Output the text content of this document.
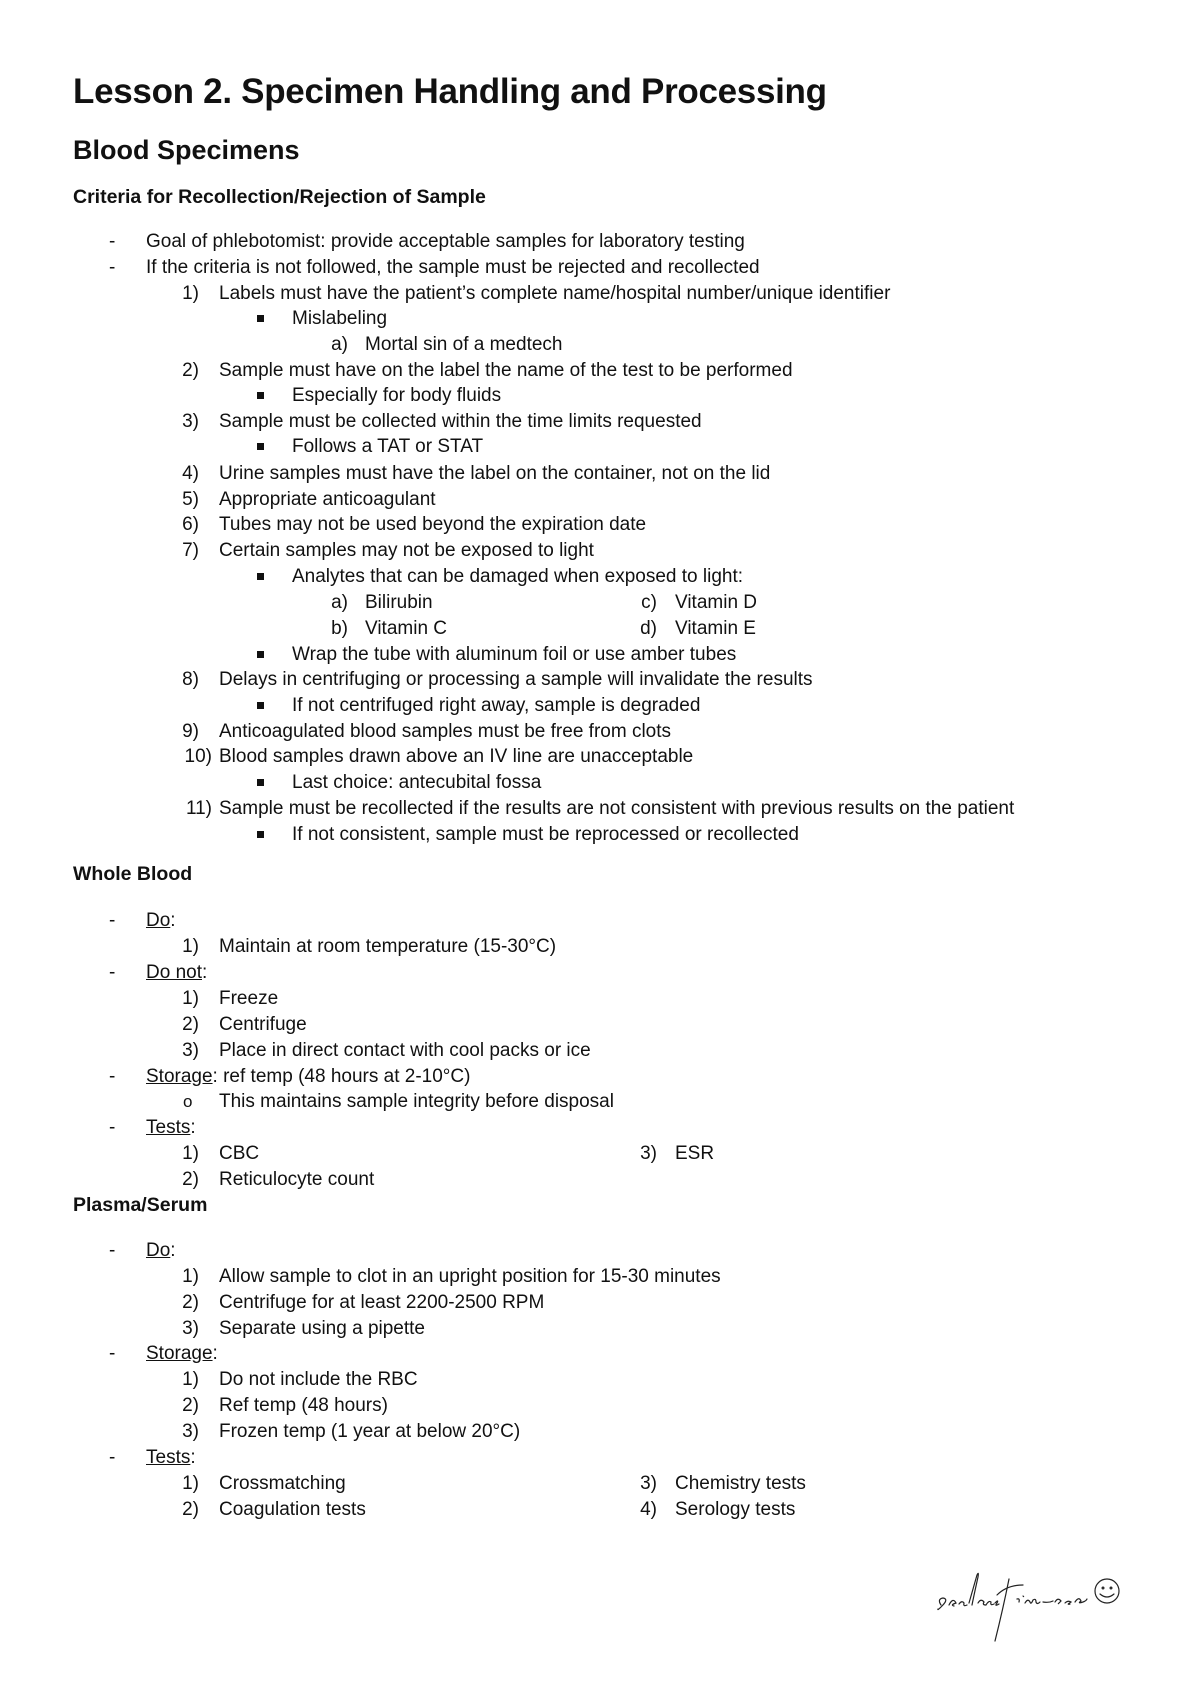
Lesson 2. Specimen Handling and Processing
Blood Specimens
Criteria for Recollection/Rejection of Sample
- Goal of phlebotomist: provide acceptable samples for laboratory testing
- If the criteria is not followed, the sample must be rejected and recollected
1) Labels must have the patient’s complete name/hospital number/unique identifier
Mislabeling
a) Mortal sin of a medtech
2) Sample must have on the label the name of the test to be performed
Especially for body fluids
3) Sample must be collected within the time limits requested
Follows a TAT or STAT
4) Urine samples must have the label on the container, not on the lid
5) Appropriate anticoagulant
6) Tubes may not be used beyond the expiration date
7) Certain samples may not be exposed to light
Analytes that can be damaged when exposed to light:
a) Bilirubin	c) Vitamin D
b) Vitamin C	d) Vitamin E
Wrap the tube with aluminum foil or use amber tubes
8) Delays in centrifuging or processing a sample will invalidate the results
If not centrifuged right away, sample is degraded
9) Anticoagulated blood samples must be free from clots
10) Blood samples drawn above an IV line are unacceptable
Last choice: antecubital fossa
11) Sample must be recollected if the results are not consistent with previous results on the patient
If not consistent, sample must be reprocessed or recollected
Whole Blood
- Do:
1) Maintain at room temperature (15-30°C)
- Do not:
1) Freeze
2) Centrifuge
3) Place in direct contact with cool packs or ice
- Storage: ref temp (48 hours at 2-10°C)
o This maintains sample integrity before disposal
- Tests:
1) CBC	3) ESR
2) Reticulocyte count
Plasma/Serum
- Do:
1) Allow sample to clot in an upright position for 15-30 minutes
2) Centrifuge for at least 2200-2500 RPM
3) Separate using a pipette
- Storage:
1) Do not include the RBC
2) Ref temp (48 hours)
3) Frozen temp (1 year at below 20°C)
- Tests:
1) Crossmatching	3) Chemistry tests
2) Coagulation tests	4) Serology tests
